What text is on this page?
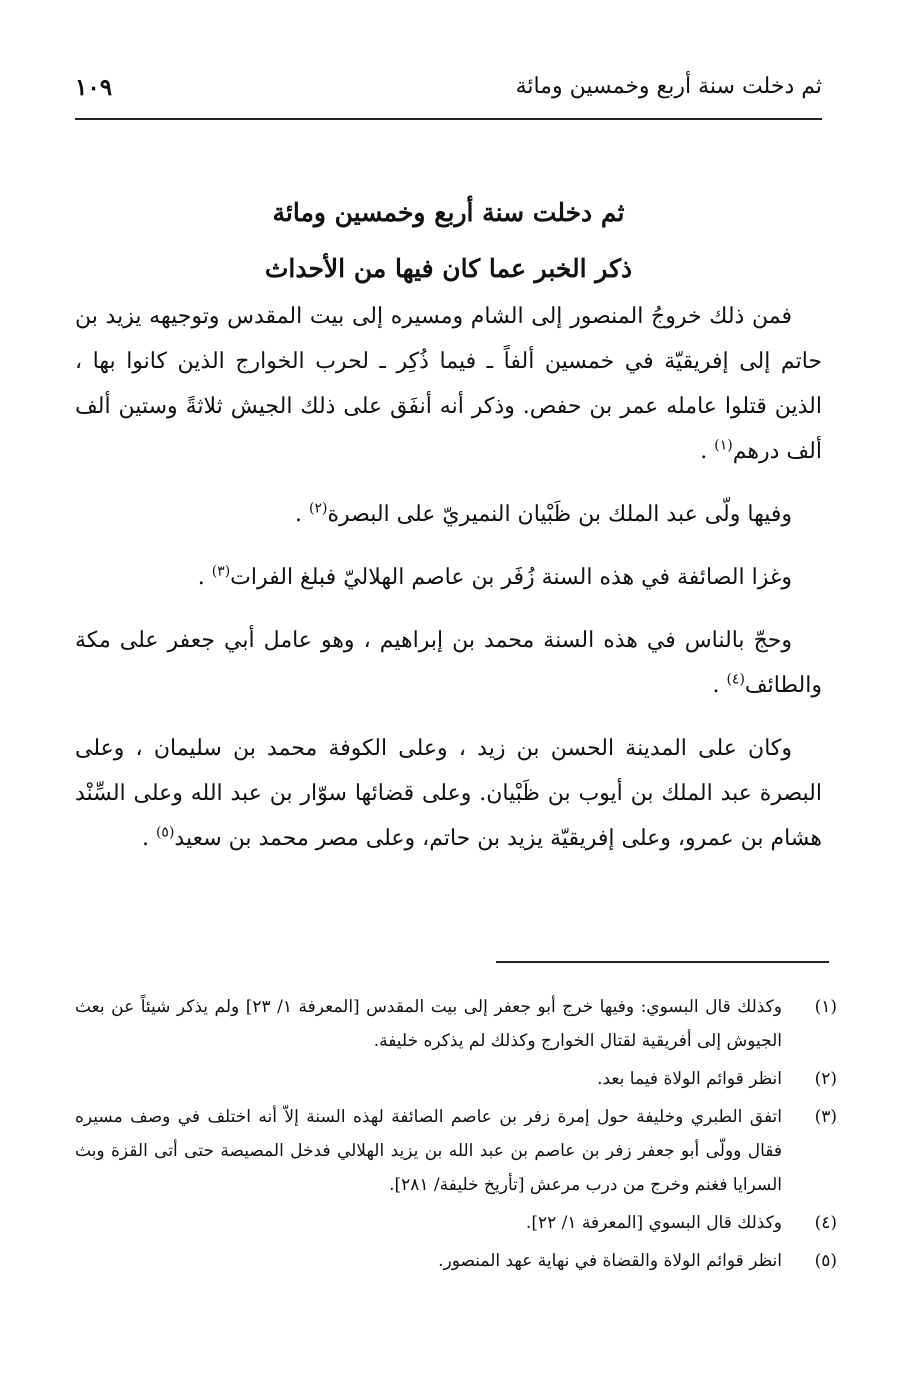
ثم دخلت سنة أربع وخمسين ومائة
١٠٩

ثم دخلت سنة أربع وخمسين ومائة

ذكر الخبر عما كان فيها من الأحداث

فمن ذلك خروجُ المنصور إلى الشام ومسيره إلى بيت المقدس وتوجيهه يزيد بن حاتم إلى إفريقيّة في خمسين ألفاً ـ فيما ذُكِر ـ لحرب الخوارج الذين كانوا بها ، الذين قتلوا عامله عمر بن حفص. وذكر أنه أنفَق على ذلك الجيش ثلاثةً وستين ألف ألف درهم$^{(١)}$ .

وفيها ولّى عبد الملك بن ظَبْيان النميريّ على البصرة$^{(٢)}$ .

وغزا الصائفة في هذه السنة زُفَر بن عاصم الهلاليّ فبلغ الفرات$^{(٣)}$ .

وحجّ بالناس في هذه السنة محمد بن إبراهيم ، وهو عامل أبي جعفر على مكة والطائف$^{(٤)}$ .

وكان على المدينة الحسن بن زيد ، وعلى الكوفة محمد بن سليمان ، وعلى البصرة عبد الملك بن أيوب بن ظَبْيان. وعلى قضائها سوّار بن عبد الله وعلى السِّنْد هشام بن عمرو، وعلى إفريقيّة يزيد بن حاتم، وعلى مصر محمد بن سعيد$^{(٥)}$ .

(١)
وكذلك قال البسوي: وفيها خرج أبو جعفر إلى بيت المقدس [المعرفة ١/ ٢٣] ولم يذكر شيئاً عن بعث الجيوش إلى أفريقية لقتال الخوارج وكذلك لم يذكره خليفة.
(٢)
انظر قوائم الولاة فيما بعد.
(٣)
اتفق الطبري وخليفة حول إمرة زفر بن عاصم الصائفة لهذه السنة إلاّ أنه اختلف في وصف مسيره فقال وولّى أبو جعفر زفر بن عاصم بن عبد الله بن يزيد الهلالي فدخل المصيصة حتى أتى القزة وبث السرايا فغنم وخرج من درب مرعش [تأريخ خليفة/ ٢٨١].
(٤)
وكذلك قال البسوي [المعرفة ١/ ٢٢].
(٥)
انظر قوائم الولاة والقضاة في نهاية عهد المنصور.
